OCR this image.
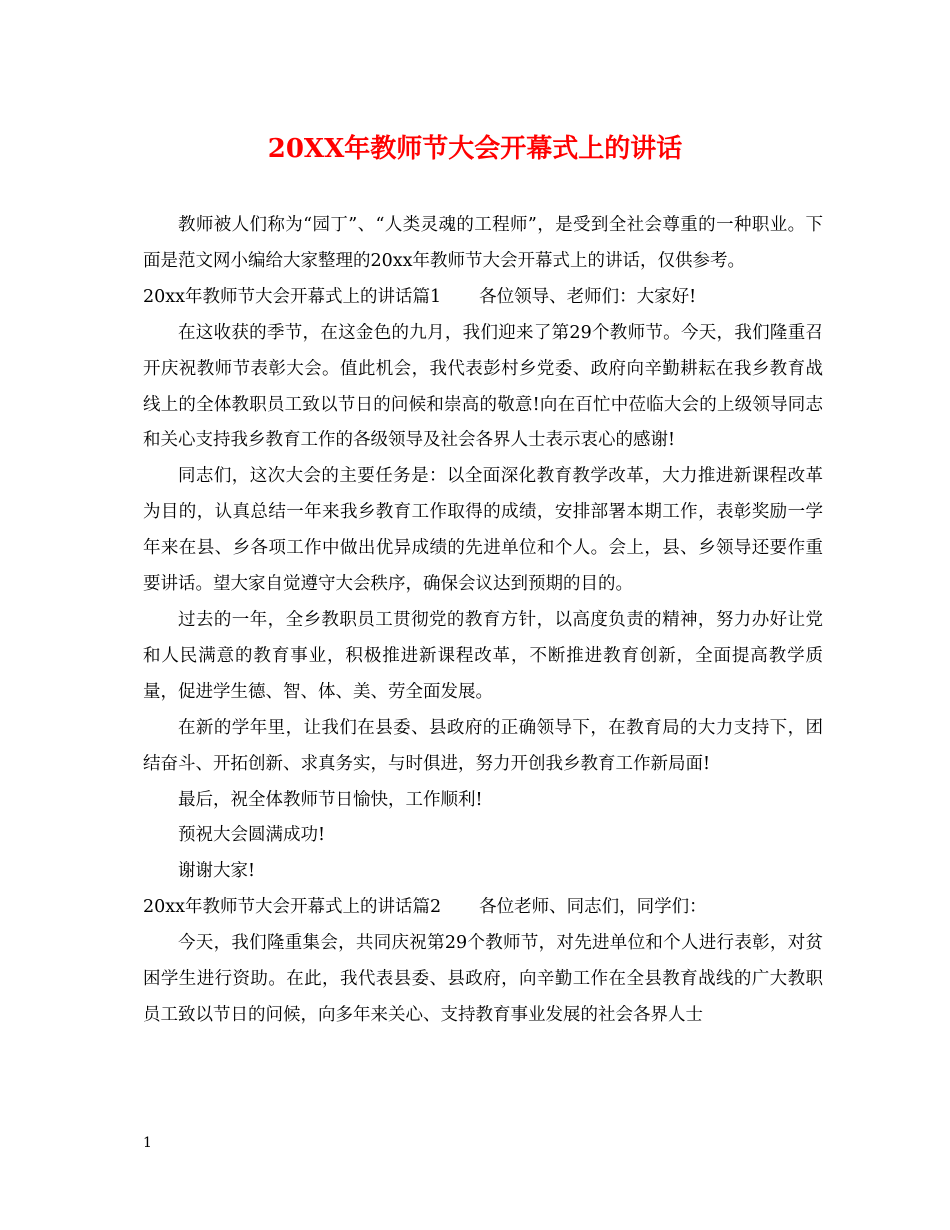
20XX年教师节大会开幕式上的讲话

教师被人们称为“园丁”、“人类灵魂的工程师”，是受到全社会尊重的一种职业。下面是范文网小编给大家整理的20xx年教师节大会开幕式上的讲话，仅供参考。

20xx年教师节大会开幕式上的讲话篇1 各位领导、老师们：大家好!

在这收获的季节，在这金色的九月，我们迎来了第29个教师节。今天，我们隆重召开庆祝教师节表彰大会。值此机会，我代表彭村乡党委、政府向辛勤耕耘在我乡教育战线上的全体教职员工致以节日的问候和崇高的敬意!向在百忙中莅临大会的上级领导同志和关心支持我乡教育工作的各级领导及社会各界人士表示衷心的感谢!

同志们，这次大会的主要任务是：以全面深化教育教学改革，大力推进新课程改革为目的，认真总结一年来我乡教育工作取得的成绩，安排部署本期工作，表彰奖励一学年来在县、乡各项工作中做出优异成绩的先进单位和个人。会上，县、乡领导还要作重要讲话。望大家自觉遵守大会秩序，确保会议达到预期的目的。

过去的一年，全乡教职员工贯彻党的教育方针，以高度负责的精神，努力办好让党和人民满意的教育事业，积极推进新课程改革，不断推进教育创新，全面提高教学质量，促进学生德、智、体、美、劳全面发展。

在新的学年里，让我们在县委、县政府的正确领导下，在教育局的大力支持下，团结奋斗、开拓创新、求真务实，与时俱进，努力开创我乡教育工作新局面!

最后，祝全体教师节日愉快，工作顺利!

预祝大会圆满成功!

谢谢大家!

20xx年教师节大会开幕式上的讲话篇2 各位老师、同志们，同学们：

今天，我们隆重集会，共同庆祝第29个教师节，对先进单位和个人进行表彰，对贫困学生进行资助。在此，我代表县委、县政府，向辛勤工作在全县教育战线的广大教职员工致以节日的问候，向多年来关心、支持教育事业发展的社会各界人士

1
